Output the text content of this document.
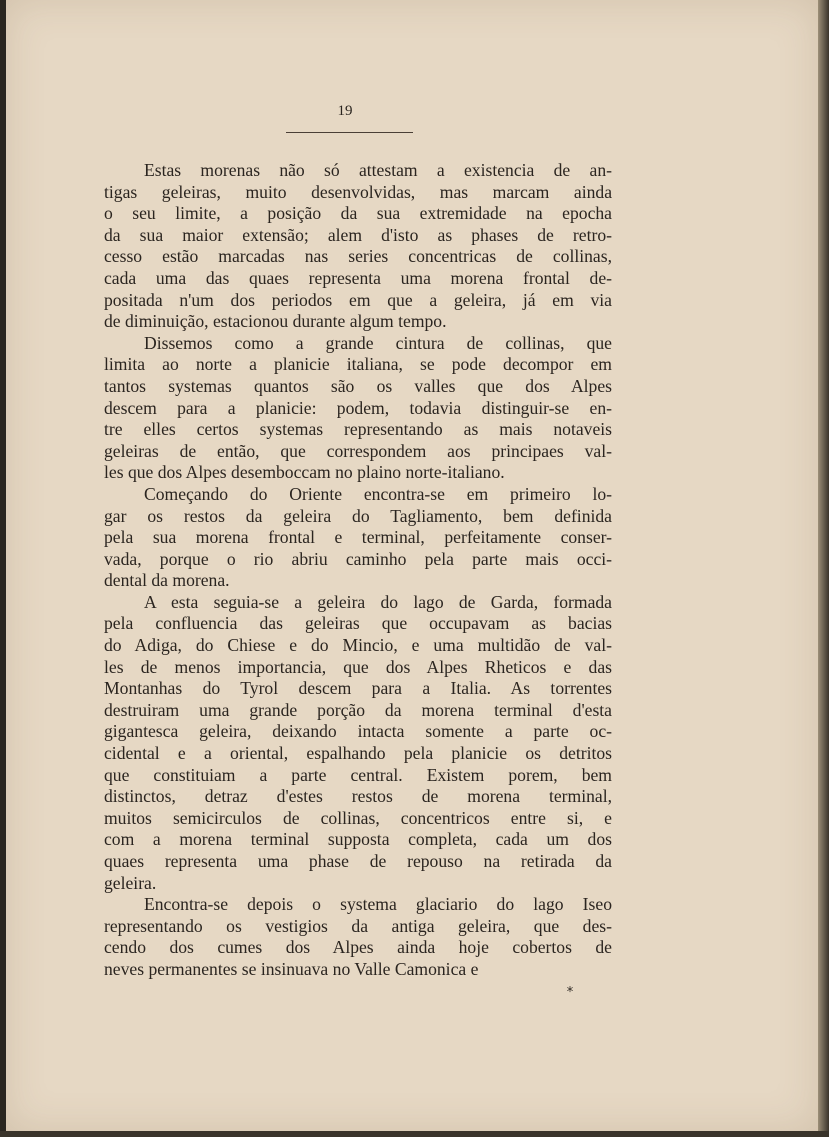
19
Estas morenas não só attestam a existencia de an-
tigas geleiras, muito desenvolvidas, mas marcam ainda
o seu limite, a posição da sua extremidade na epocha
da sua maior extensão; alem d'isto as phases de retro-
cesso estão marcadas nas series concentricas de collinas,
cada uma das quaes representa uma morena frontal de-
positada n'um dos periodos em que a geleira, já em via
de diminuição, estacionou durante algum tempo.
Dissemos como a grande cintura de collinas, que
limita ao norte a planicie italiana, se pode decompor em
tantos systemas quantos são os valles que dos Alpes
descem para a planicie: podem, todavia distinguir-se en-
tre elles certos systemas representando as mais notaveis
geleiras de então, que correspondem aos principaes val-
les que dos Alpes desemboccam no plaino norte-italiano.
Começando do Oriente encontra-se em primeiro lo-
gar os restos da geleira do Tagliamento, bem definida
pela sua morena frontal e terminal, perfeitamente conser-
vada, porque o rio abriu caminho pela parte mais occi-
dental da morena.
A esta seguia-se a geleira do lago de Garda, formada
pela confluencia das geleiras que occupavam as bacias
do Adiga, do Chiese e do Mincio, e uma multidão de val-
les de menos importancia, que dos Alpes Rheticos e das
Montanhas do Tyrol descem para a Italia. As torrentes
destruiram uma grande porção da morena terminal d'esta
gigantesca geleira, deixando intacta somente a parte oc-
cidental e a oriental, espalhando pela planicie os detritos
que constituiam a parte central. Existem porem, bem
distinctos, detraz d'estes restos de morena terminal,
muitos semicirculos de collinas, concentricos entre si, e
com a morena terminal supposta completa, cada um dos
quaes representa uma phase de repouso na retirada da
geleira.
Encontra-se depois o systema glaciario do lago Iseo
representando os vestigios da antiga geleira, que des-
cendo dos cumes dos Alpes ainda hoje cobertos de
neves permanentes se insinuava no Valle Camonica e
*
